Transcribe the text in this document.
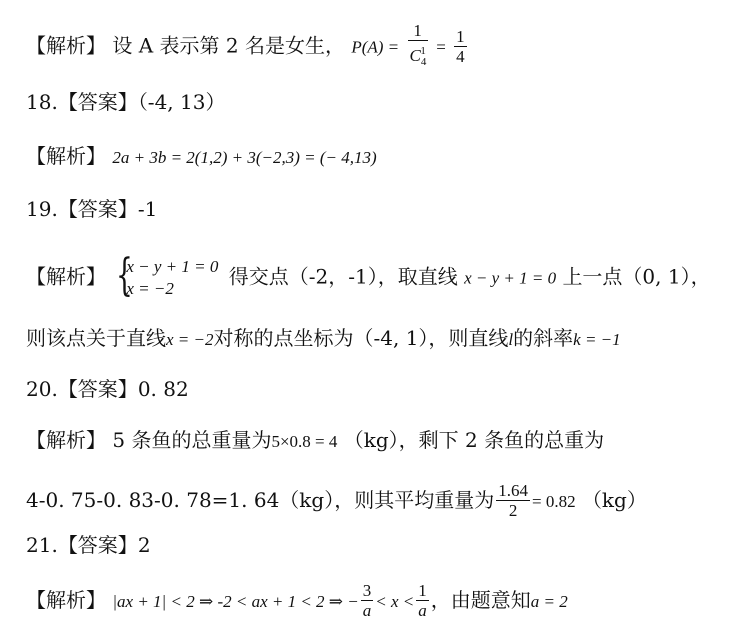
【解析】 设 A 表示第 2 名是女生， $P(A) = \frac{1}{C_4^1} = \frac{1}{4}$
18.【答案】（-4, 13）
【解析】 2a + 3b = 2(1,2) + 3(−2,3) = (− 4,13)
19.【答案】-1
【解析】 {
x − y + 1 = 0
x = −2	得交点（-2，-1），取直线 x − y + 1 = 0 上一点（0, 1），
则该点关于直线x = −2对称的点坐标为（-4, 1），则直线l的斜率k = −1
20.【答案】0. 82
【解析】 5 条鱼的总重量为5×0.8 = 4 （kg），剩下 2 条鱼的总重为
4-0. 75-0. 83-0. 78=1. 64（kg），则其平均重量为 $\frac{1.64}{2} = 0.82$ （kg）
21.【答案】2
【解析】 |ax + 1| < 2 ⇒ -2 < ax + 1 < 2 ⇒ − $\frac{3}{a} < x < \frac{1}{a}$ ，由题意知a = 2
